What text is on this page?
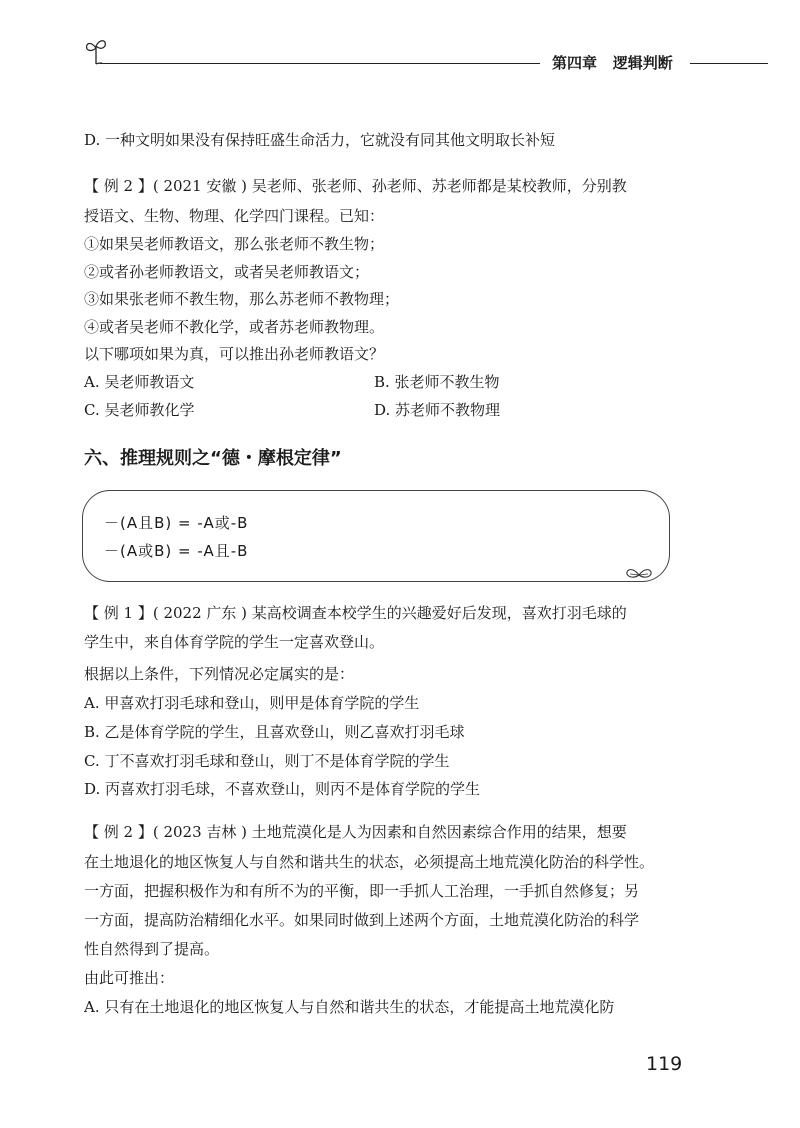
第四章 逻辑判断
D. 一种文明如果没有保持旺盛生命活力，它就没有同其他文明取长补短
【 例 2 】( 2021 安徽 ) 吴老师、张老师、孙老师、苏老师都是某校教师，分别教
授语文、生物、物理、化学四门课程。已知：
①如果吴老师教语文，那么张老师不教生物；
②或者孙老师教语文，或者吴老师教语文；
③如果张老师不教生物，那么苏老师不教物理；
④或者吴老师不教化学，或者苏老师教物理。
以下哪项如果为真，可以推出孙老师教语文？
A. 吴老师教语文	B. 张老师不教生物
C. 吴老师教化学	D. 苏老师不教物理
六、推理规则之“德・摩根定律”
－(A且B) = -A或-B
－(A或B) = -A且-B
【 例 1 】( 2022 广东 ) 某高校调查本校学生的兴趣爱好后发现，喜欢打羽毛球的
学生中，来自体育学院的学生一定喜欢登山。
根据以上条件，下列情况必定属实的是：
A. 甲喜欢打羽毛球和登山，则甲是体育学院的学生
B. 乙是体育学院的学生，且喜欢登山，则乙喜欢打羽毛球
C. 丁不喜欢打羽毛球和登山，则丁不是体育学院的学生
D. 丙喜欢打羽毛球，不喜欢登山，则丙不是体育学院的学生
【 例 2 】( 2023 吉林 ) 土地荒漠化是人为因素和自然因素综合作用的结果，想要
在土地退化的地区恢复人与自然和谐共生的状态，必须提高土地荒漠化防治的科学性。
一方面，把握积极作为和有所不为的平衡，即一手抓人工治理，一手抓自然修复；另
一方面，提高防治精细化水平。如果同时做到上述两个方面，土地荒漠化防治的科学
性自然得到了提高。
由此可推出：
A. 只有在土地退化的地区恢复人与自然和谐共生的状态，才能提高土地荒漠化防
119
